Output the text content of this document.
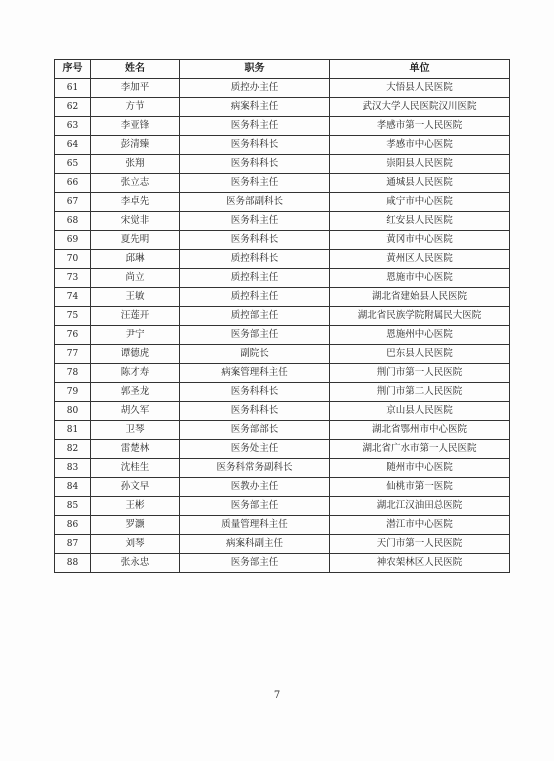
序号	姓名	职务	单位
61	李加平	质控办主任	大悟县人民医院
62	方节	病案科主任	武汉大学人民医院汉川医院
63	李亚锋	医务科主任	孝感市第一人民医院
64	彭清臻	医务科科长	孝感市中心医院
65	张翔	医务科科长	崇阳县人民医院
66	张立志	医务科主任	通城县人民医院
67	李卓先	医务部副科长	咸宁市中心医院
68	宋觉非	医务科主任	红安县人民医院
69	夏先明	医务科科长	黄冈市中心医院
70	邱琳	质控科科长	黄州区人民医院
73	尚立	质控科主任	恩施市中心医院
74	王敏	质控科主任	湖北省建始县人民医院
75	汪莲开	质控部主任	湖北省民族学院附属民大医院
76	尹宁	医务部主任	恩施州中心医院
77	谭德虎	副院长	巴东县人民医院
78	陈才寿	病案管理科主任	荆门市第一人民医院
79	郭圣龙	医务科科长	荆门市第二人民医院
80	胡久军	医务科科长	京山县人民医院
81	卫琴	医务部部长	湖北省鄂州市中心医院
82	雷楚林	医务处主任	湖北省广水市第一人民医院
83	沈桂生	医务科常务副科长	随州市中心医院
84	孙文早	医教办主任	仙桃市第一医院
85	王彬	医务部主任	湖北江汉油田总医院
86	罗灏	质量管理科主任	潜江市中心医院
87	刘琴	病案科副主任	天门市第一人民医院
88	张永忠	医务部主任	神农架林区人民医院
7
